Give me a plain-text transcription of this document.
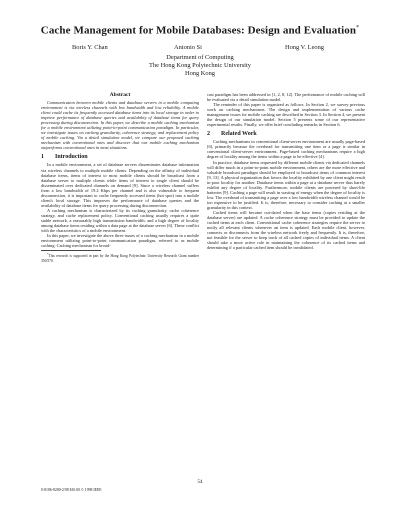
Cache Management for Mobile Databases: Design and Evaluation*
Boris Y. Chan	Antonio Si	Hong V. Leong
Department of Computing
The Hong Kong Polytechnic University
Hong Kong
Abstract

Communication between mobile clients and database servers in a mobile computing environment is via wireless channels with low bandwidth and low reliability. A mobile client could cache its frequently accessed database items into its local storage in order to improve performance of database queries and availability of database items for query processing during disconnection. In this paper, we describe a mobile caching mechanism for a mobile environment utilizing point-to-point communication paradigm. In particular, we investigate issues on caching granularity, coherence strategy, and replacement policy of mobile caching. Via a detail simulation model, we compare our proposed caching mechanism with conventional ones and discover that our mobile caching mechanism outperforms conventional ones in most situations.

1 Introduction

In a mobile environment, a set of database servers disseminates database information via wireless channels to multiple mobile clients. Depending on the affinity of individual database items, items of interest to most mobile clients should be broadcast from a database server to multiple clients while items of interest to single client should be disseminated over dedicated channels on demand [9]. Since a wireless channel suffers from a low bandwidth of 19.2 Kbps per channel and is also vulnerable to frequent disconnection, it is important to cache frequently accessed items (hot spot) into a mobile client's local storage. This improves the performance of database queries and the availability of database items for query processing during disconnection.

A caching mechanism is characterized by its caching granularity, cache coherence strategy, and cache replacement policy. Conventional caching usually requires a quite stable network, a reasonably high transmission bandwidth, and a high degree of locality among database items residing within a data page at the database server [6]. These conflict with the characteristics of a mobile environment.

In this paper, we investigate the above three issues of a caching mechanism in a mobile environment utilizing point-to-point communication paradigm, referred to as mobile caching. Caching mechanism for broad-

*This research is supported in part by the Hong Kong Polytechnic University Research Grant number 350/570.

cast paradigm has been addressed in [1, 2, 8, 12]. The performance of mobile caching will be evaluated via a detail simulation model.

The reminder of this paper is organized as follows. In Section 2, we survey previous work on caching mechanisms. The design and implementation of various cache management issues for mobile caching are described in Section 3. In Section 4, we present the design of our simulation model. Section 5 presents some of our representative experimental results. Finally, we offer brief concluding remarks in Section 6.

2 Related Work

Caching mechanisms in conventional client-server environment are usually page-based [6], primarily because the overhead for transmitting one item or a page is similar in conventional client-server environment. Page-based caching mechanisms require a high degree of locality among the items within a page to be effective [4].

In practice, database items requested by different mobile clients via dedicated channels will differ much in a point-to-point mobile environment, others are the more effective and valuable broadcast paradigm should be employed to broadcast items of common interest [9, 13]. A physical organization that favors the locality exhibited by one client might result in poor locality for another. Database items within a page at a database server thus barely exhibit any degree of locality. Furthermore, mobile clients are powered by short-life batteries [9]. Caching a page will result in wasting of energy when the degree of locality is low. The overhead of transmitting a page over a low bandwidth wireless channel would be too expensive to be justified. It is, therefore, necessary to consider caching at a smaller granularity in this context.

Cached items will become out-dated when the base items (copies residing at the database server) are updated. A cache coherence strategy must be provided to update the cached items at each client. Conventional cache coherence strategies require the server to notify all relevant clients whenever an item is updated. Each mobile client, however, connects or disconnects from the wireless network freely and frequently. It is, therefore, not feasible for the server to keep track of all cached copies of individual items. A client should take a more active role in maintaining the coherence of its cached items and determining if a particular cached item should be invalidated.

54
0-8186-8280-2/98 $10.00 © 1998 IEEE
